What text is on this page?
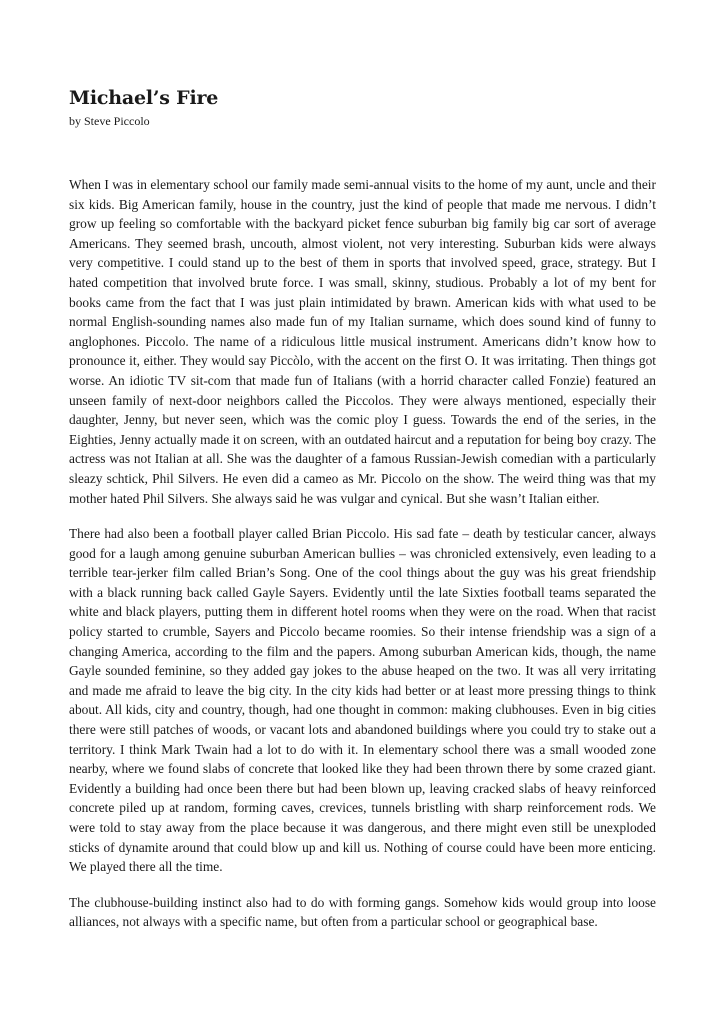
Michael’s Fire

by Steve Piccolo

When I was in elementary school our family made semi-annual visits to the home of my aunt, uncle and their six kids. Big American family, house in the country, just the kind of people that made me nervous. I didn’t grow up feeling so comfortable with the backyard picket fence suburban big family big car sort of average Americans. They seemed brash, uncouth, almost violent, not very interesting. Suburban kids were always very competitive. I could stand up to the best of them in sports that involved speed, grace, strategy. But I hated competition that involved brute force. I was small, skinny, studious. Probably a lot of my bent for books came from the fact that I was just plain intimidated by brawn. American kids with what used to be normal English-sounding names also made fun of my Italian surname, which does sound kind of funny to anglophones. Piccolo. The name of a ridiculous little musical instrument. Americans didn’t know how to pronounce it, either. They would say Piccòlo, with the accent on the first O. It was irritating. Then things got worse. An idiotic TV sit-com that made fun of Italians (with a horrid character called Fonzie) featured an unseen family of next-door neighbors called the Piccolos. They were always mentioned, especially their daughter, Jenny, but never seen, which was the comic ploy I guess. Towards the end of the series, in the Eighties, Jenny actually made it on screen, with an outdated haircut and a reputation for being boy crazy. The actress was not Italian at all. She was the daughter of a famous Russian-Jewish comedian with a particularly sleazy schtick, Phil Silvers. He even did a cameo as Mr. Piccolo on the show. The weird thing was that my mother hated Phil Silvers. She always said he was vulgar and cynical. But she wasn’t Italian either.

There had also been a football player called Brian Piccolo. His sad fate – death by testicular cancer, always good for a laugh among genuine suburban American bullies – was chronicled extensively, even leading to a terrible tear-jerker film called Brian’s Song. One of the cool things about the guy was his great friendship with a black running back called Gayle Sayers. Evidently until the late Sixties football teams separated the white and black players, putting them in different hotel rooms when they were on the road. When that racist policy started to crumble, Sayers and Piccolo became roomies. So their intense friendship was a sign of a changing America, according to the film and the papers. Among suburban American kids, though, the name Gayle sounded feminine, so they added gay jokes to the abuse heaped on the two. It was all very irritating and made me afraid to leave the big city. In the city kids had better or at least more pressing things to think about. All kids, city and country, though, had one thought in common: making clubhouses. Even in big cities there were still patches of woods, or vacant lots and abandoned buildings where you could try to stake out a territory. I think Mark Twain had a lot to do with it. In elementary school there was a small wooded zone nearby, where we found slabs of concrete that looked like they had been thrown there by some crazed giant. Evidently a building had once been there but had been blown up, leaving cracked slabs of heavy reinforced concrete piled up at random, forming caves, crevices, tunnels bristling with sharp reinforcement rods. We were told to stay away from the place because it was dangerous, and there might even still be unexploded sticks of dynamite around that could blow up and kill us. Nothing of course could have been more enticing. We played there all the time.

The clubhouse-building instinct also had to do with forming gangs. Somehow kids would group into loose alliances, not always with a specific name, but often from a particular school or geographical base.
